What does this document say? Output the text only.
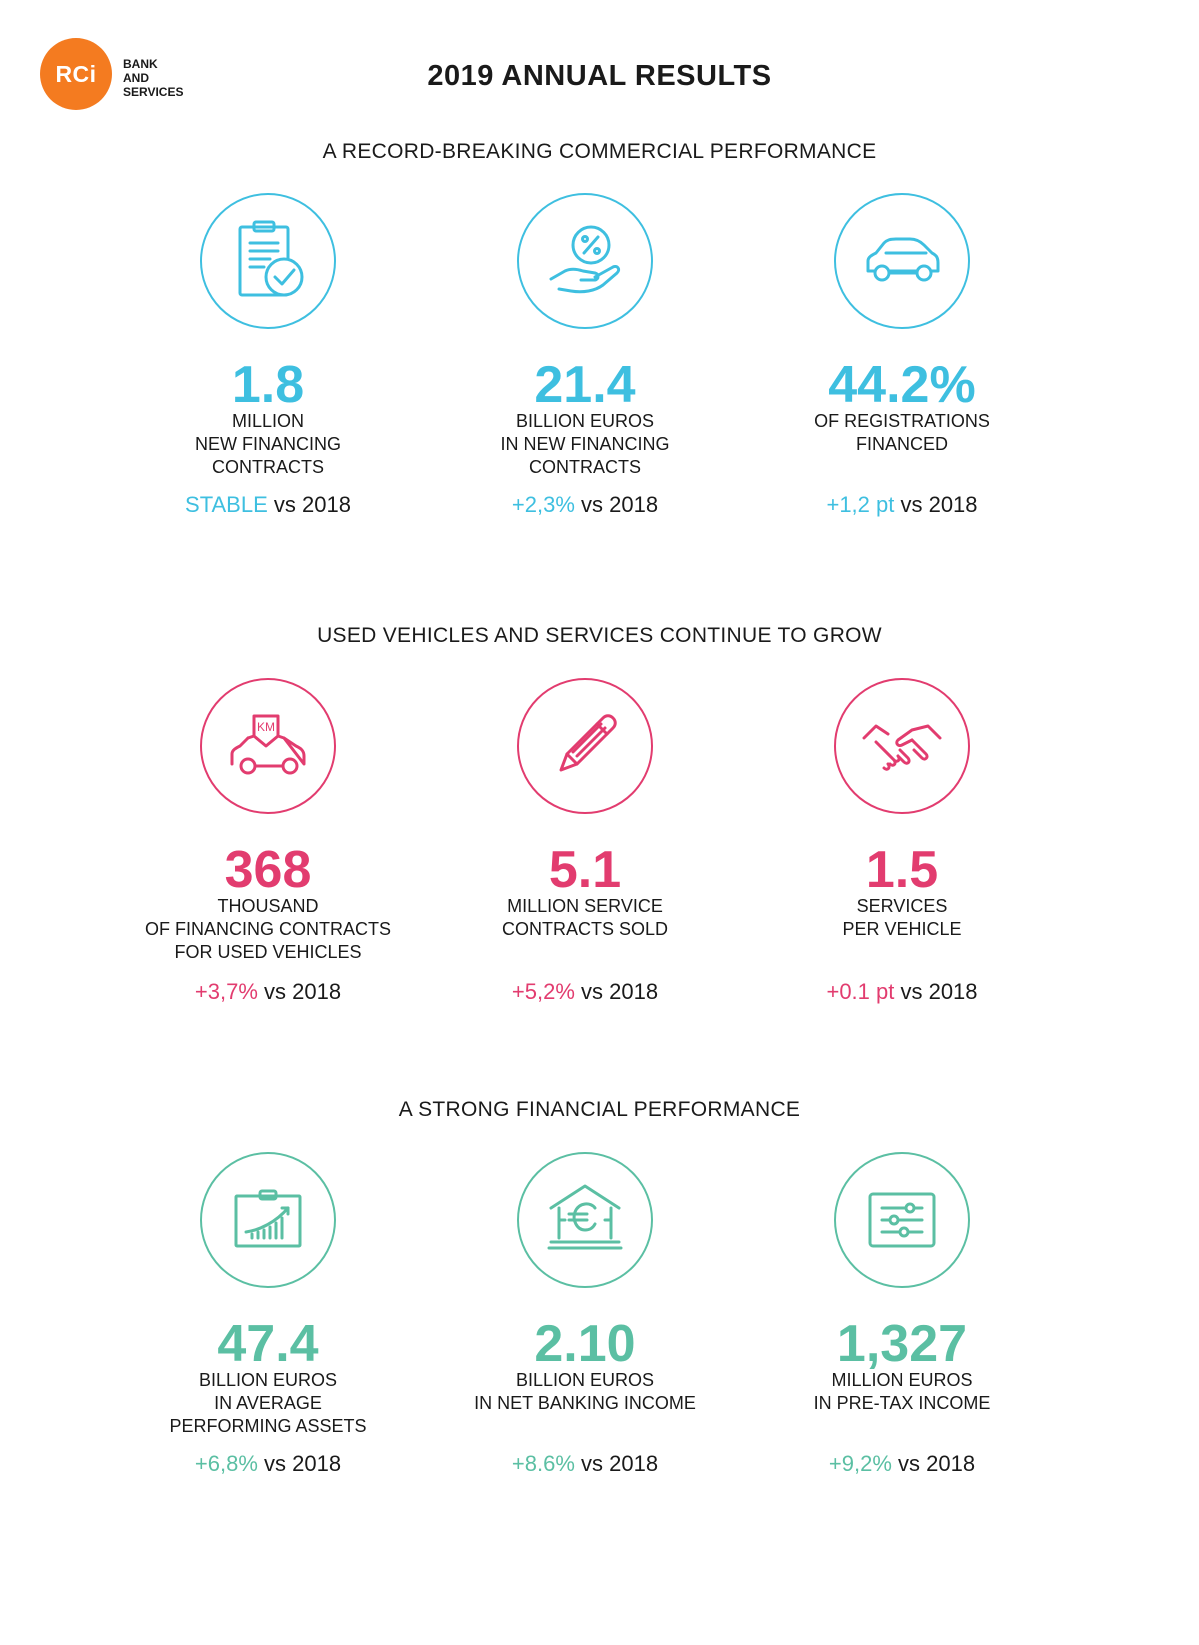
RCi	BANK
AND
SERVICES	2019 ANNUAL RESULTS
A RECORD-BREAKING COMMERCIAL PERFORMANCE
1.8
MILLION
NEW FINANCING
CONTRACTS
STABLE vs 2018
21.4
BILLION EUROS
IN NEW FINANCING
CONTRACTS
+2,3% vs 2018
44.2%
OF REGISTRATIONS
FINANCED
+1,2 pt vs 2018
USED VEHICLES AND SERVICES CONTINUE TO GROW
KM
368
THOUSAND
OF FINANCING CONTRACTS
FOR USED VEHICLES
+3,7% vs 2018
5.1
MILLION SERVICE
CONTRACTS SOLD
+5,2% vs 2018
1.5
SERVICES
PER VEHICLE
+0.1 pt vs 2018
A STRONG FINANCIAL PERFORMANCE
47.4
BILLION EUROS
IN AVERAGE
PERFORMING ASSETS
+6,8% vs 2018
2.10
BILLION EUROS
IN NET BANKING INCOME
+8.6% vs 2018
1,327
MILLION EUROS
IN PRE-TAX INCOME
+9,2% vs 2018
